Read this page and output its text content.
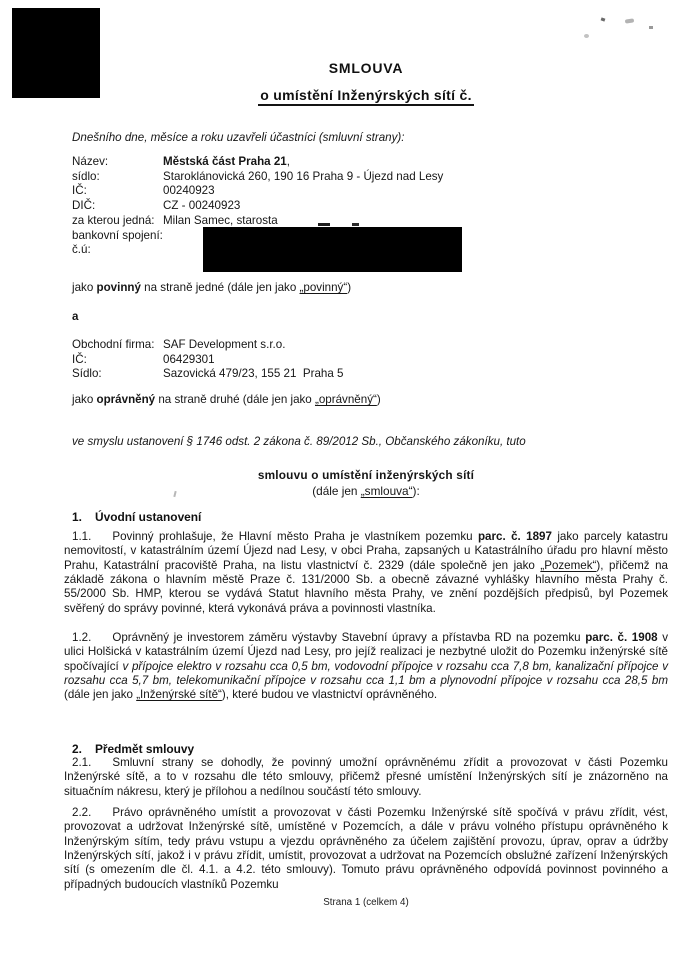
SMLOUVA
o umístění Inženýrských sítí č.
Dnešního dne, měsíce a roku uzavřeli účastníci (smluvní strany):
Název:	Městská část Praha 21,
sídlo:	Staroklánovická 260, 190 16 Praha 9 - Újezd nad Lesy
IČ:	00240923
DIČ:	CZ - 00240923
za kterou jedná: Milan Samec, starosta
bankovní spojení:
č.ú:
jako povinný na straně jedné (dále jen jako „povinný“)
a
Obchodní firma: SAF Development s.r.o.
IČ:	06429301
Sídlo:	Sazovická 479/23, 155 21  Praha 5
jako oprávněný na straně druhé (dále jen jako „oprávněný“)
ve smyslu ustanovení § 1746 odst. 2 zákona č. 89/2012 Sb., Občanského zákoníku, tuto
smlouvu o umístění inženýrských sítí
(dále jen „smlouva“):
1.	Úvodní ustanovení

1.1. Povinný prohlašuje, že Hlavní město Praha je vlastníkem pozemku parc. č. 1897 jako parcely katastru nemovitostí, v katastrálním území Újezd nad Lesy, v obci Praha, zapsaných u Katastrálního úřadu pro hlavní město Prahu, Katastrální pracoviště Praha, na listu vlastnictví č. 2329 (dále společně jen jako „Pozemek“), přičemž na základě zákona o hlavním městě Praze č. 131/2000 Sb. a obecně závazné vyhlášky hlavního města Prahy č. 55/2000 Sb. HMP, kterou se vydává Statut hlavního města Prahy, ve znění pozdějších předpisů, byl Pozemek svěřený do správy povinné, která vykonává práva a povinnosti vlastníka.

1.2. Oprávněný je investorem záměru výstavby Stavební úpravy a přístavba RD na pozemku parc. č. 1908 v ulici Holšická v katastrálním území Újezd nad Lesy, pro jejíž realizaci je nezbytné uložit do Pozemku inženýrské sítě spočívající v přípojce elektro v rozsahu cca 0,5 bm, vodovodní přípojce v rozsahu cca 7,8 bm, kanalizační přípojce v rozsahu cca 5,7 bm, telekomunikační přípojce v rozsahu cca 1,1 bm a plynovodní přípojce v rozsahu cca 28,5 bm (dále jen jako „Inženýrské sítě“), které budou ve vlastnictví oprávněného.

2.	Předmět smlouvy

2.1. Smluvní strany se dohodly, že povinný umožní oprávněnému zřídit a provozovat v části Pozemku Inženýrské sítě, a to v rozsahu dle této smlouvy, přičemž přesné umístění Inženýrských sítí je znázorněno na situačním nákresu, který je přílohou a nedílnou součástí této smlouvy.

2.2. Právo oprávněného umístit a provozovat v části Pozemku Inženýrské sítě spočívá v právu zřídit, vést, provozovat a udržovat Inženýrské sítě, umístěné v Pozemcích, a dále v právu volného přístupu oprávněného k Inženýrským sítím, tedy právu vstupu a vjezdu oprávněného za účelem zajištění provozu, úprav, oprav a údržby Inženýrských sítí, jakož i v právu zřídit, umístit, provozovat a udržovat na Pozemcích obslužné zařízení Inženýrských sítí (s omezením dle čl. 4.1. a 4.2. této smlouvy). Tomuto právu oprávněného odpovídá povinnost povinného a případných budoucích vlastníků Pozemku

Strana 1 (celkem 4)
